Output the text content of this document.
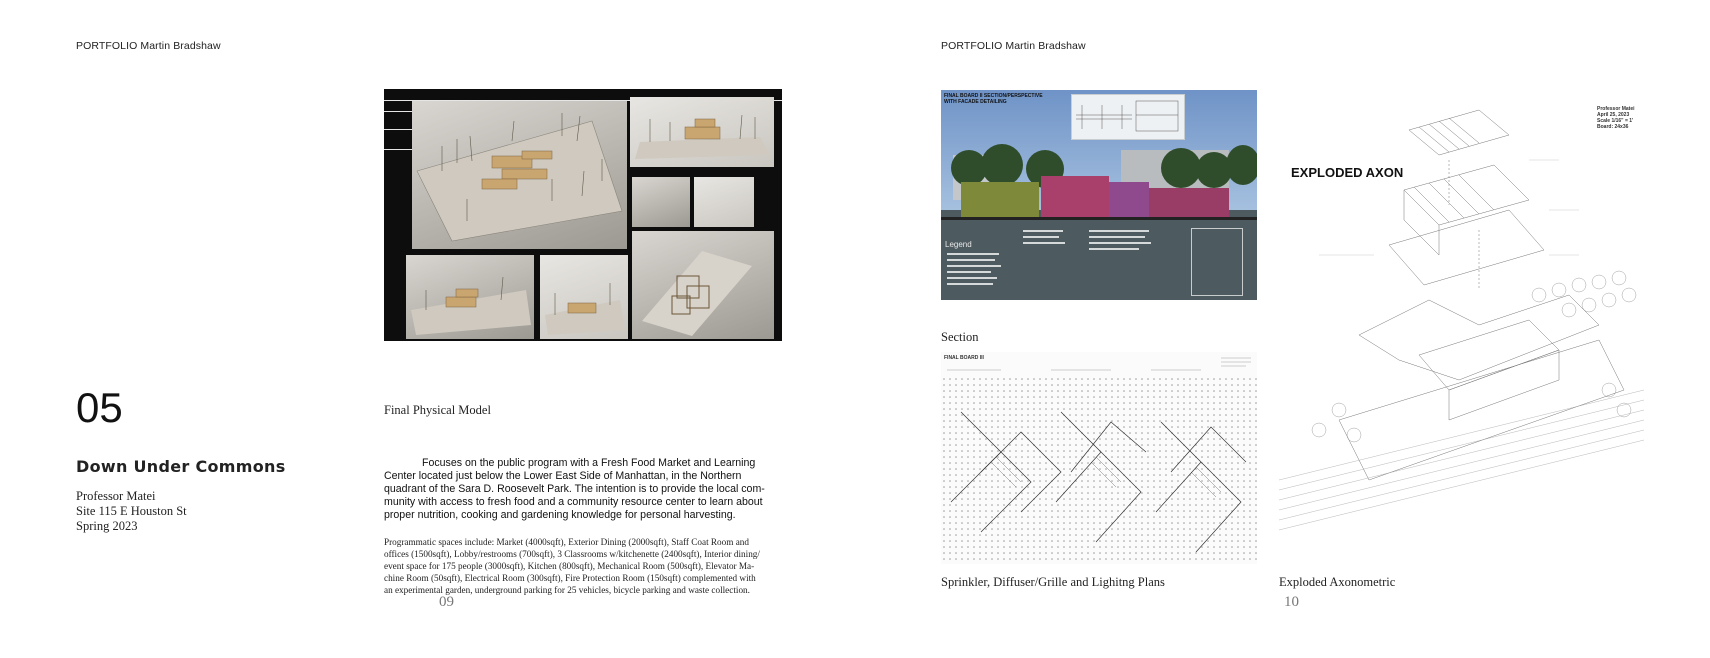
PORTFOLIO Martin Bradshaw
Final Physical Model
05
Down Under Commons
Professor Matei
Site 115 E Houston St
Spring 2023
Focuses on the public program with a Fresh Food Market and Learning
Center located just below the Lower East Side of Manhattan, in the Northern
quadrant of the Sara D. Roosevelt Park. The intention is to provide the local com-
munity with access to fresh food and a community resource center to learn about
proper nutrition, cooking and gardening knowledge for personal harvesting.
Programmatic spaces include: Market (4000sqft), Exterior Dining (2000sqft), Staff Coat Room and
offices (1500sqft), Lobby/restrooms (700sqft), 3 Classrooms w/kitchenette (2400sqft), Interior dining/
event space for 175 people (3000sqft), Kitchen (800sqft), Mechanical Room (500sqft), Elevator Ma-
chine Room (50sqft), Electrical Room (300sqft), Fire Protection Room (150sqft) complemented with
an experimental garden, underground parking for 25 vehicles, bicycle parking and waste collection.
09
PORTFOLIO Martin Bradshaw
FINAL BOARD II SECTION/PERSPECTIVE
WITH FACADE DETAILING
Legend
Section
FINAL BOARD III
Sprinkler, Diffuser/Grille and Lighitng Plans
EXPLODED AXON
Professor Matei
April 25, 2023
Scale 1/16" = 1'
Board: 24x36
Exploded Axonometric
10
